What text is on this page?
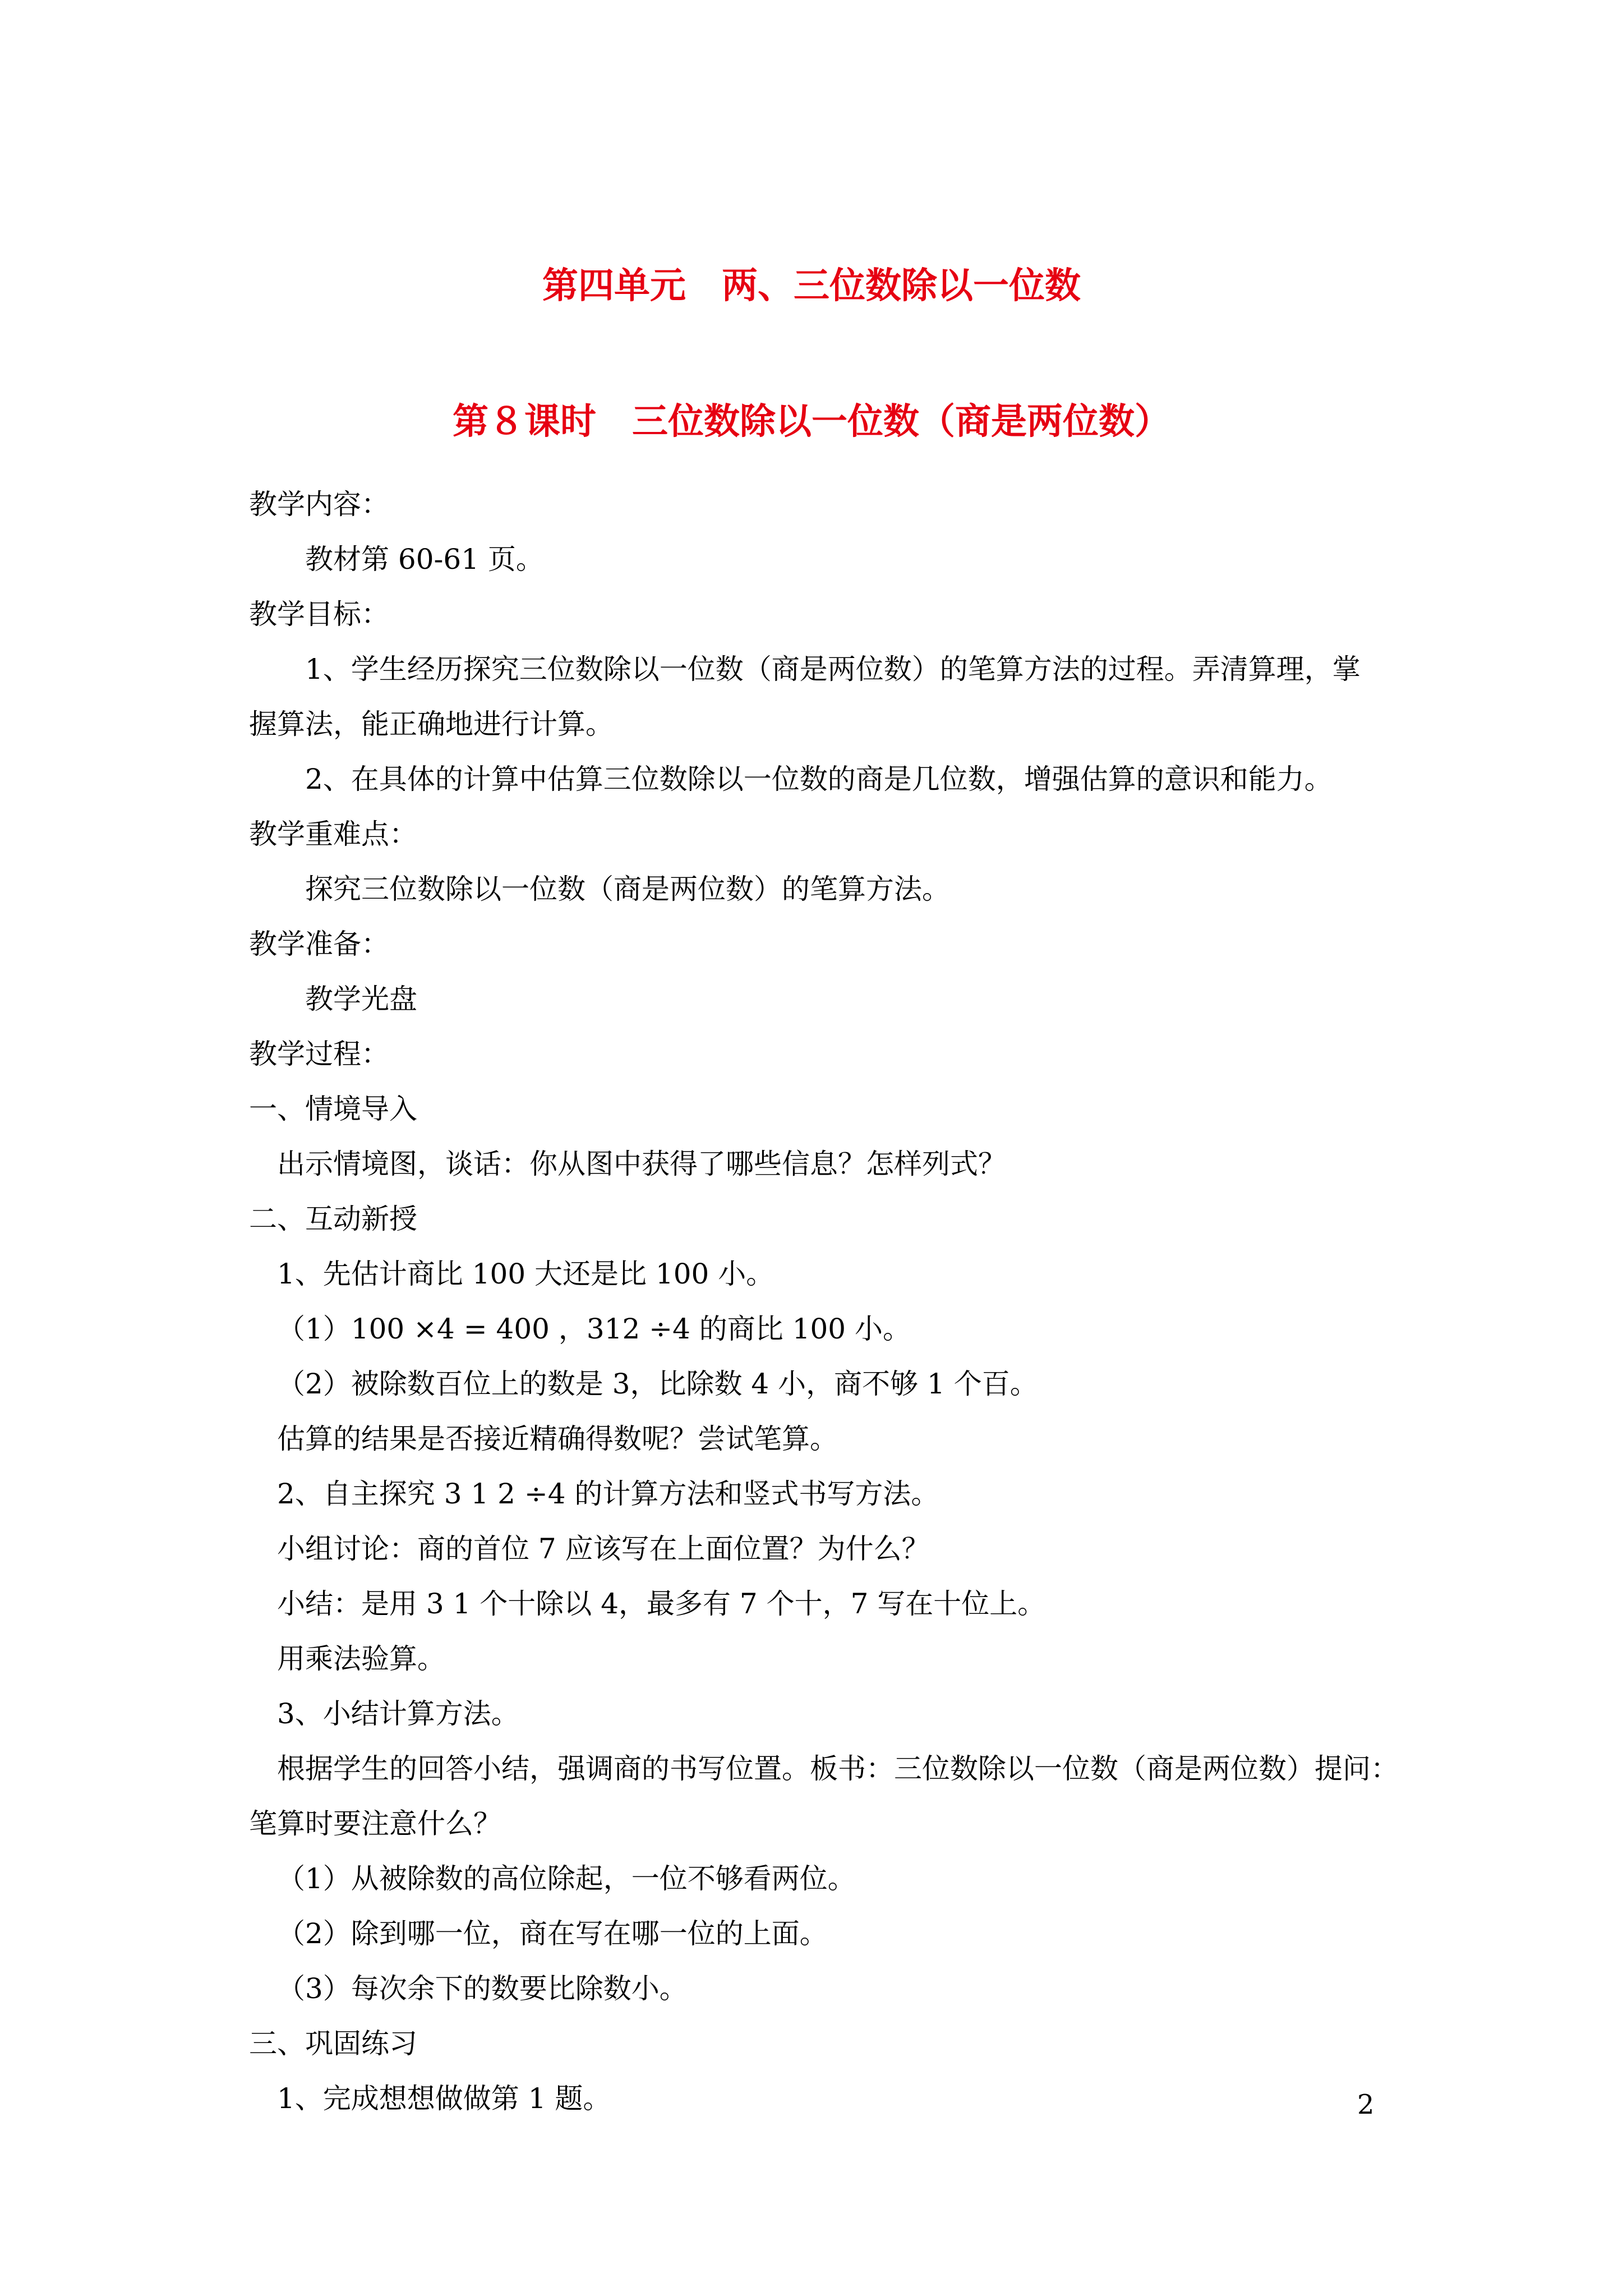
第四单元　两、三位数除以一位数
第８课时　三位数除以一位数（商是两位数）
教学内容：
教材第 60-61 页。
教学目标：
1、学生经历探究三位数除以一位数（商是两位数）的笔算方法的过程。弄清算理，掌
握算法，能正确地进行计算。
2、在具体的计算中估算三位数除以一位数的商是几位数，增强估算的意识和能力。
教学重难点：
探究三位数除以一位数（商是两位数）的笔算方法。
教学准备：
教学光盘
教学过程：
一、情境导入
出示情境图，谈话：你从图中获得了哪些信息？怎样列式？
二、互动新授
1、先估计商比 100 大还是比 100 小。
（1）100 ×4 = 400 ，312 ÷4 的商比 100 小。
（2）被除数百位上的数是 3，比除数 4 小，商不够 1 个百。
估算的结果是否接近精确得数呢？尝试笔算。
2、自主探究 3 1 2 ÷4 的计算方法和竖式书写方法。
小组讨论：商的首位 7 应该写在上面位置？为什么？
小结：是用 3 1 个十除以 4，最多有 7 个十，7 写在十位上。
用乘法验算。
3、小结计算方法。
根据学生的回答小结，强调商的书写位置。板书：三位数除以一位数（商是两位数）提问：
笔算时要注意什么？
（1）从被除数的高位除起，一位不够看两位。
（2）除到哪一位，商在写在哪一位的上面。
（3）每次余下的数要比除数小。
三、巩固练习
1、完成想想做做第 1 题。	2
